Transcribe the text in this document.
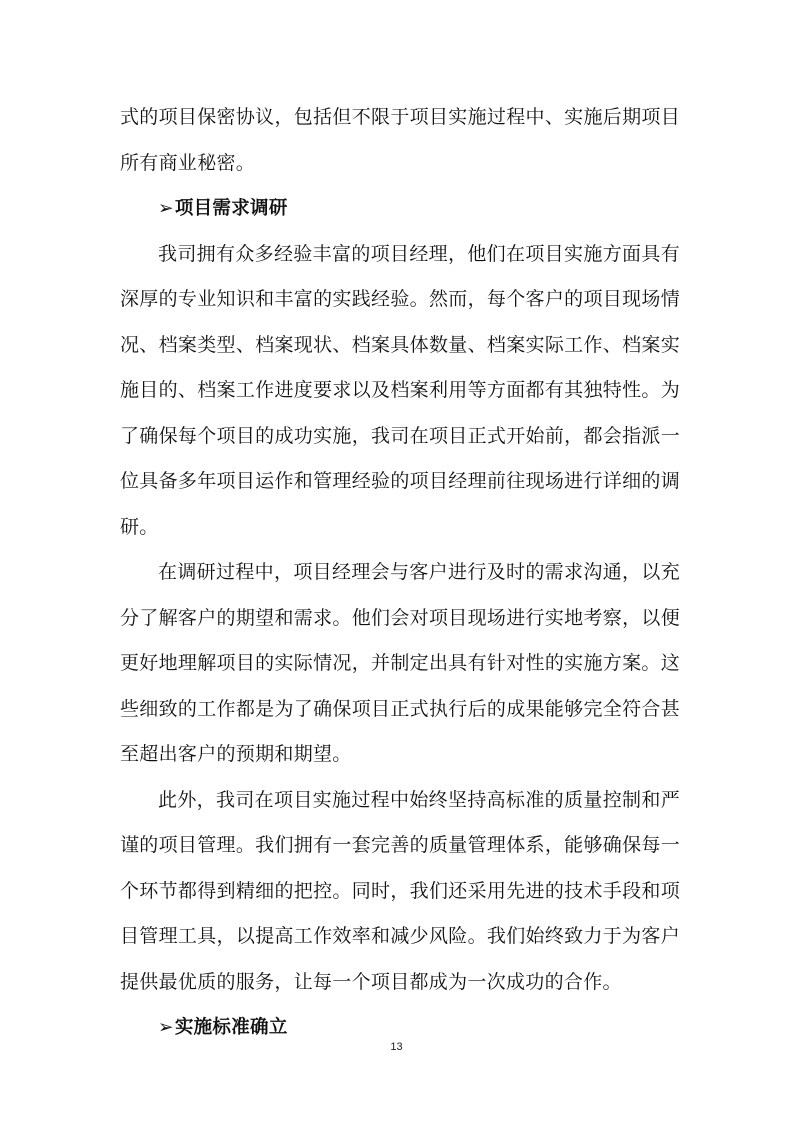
式的项目保密协议，包括但不限于项目实施过程中、实施后期项目所有商业秘密。

➢项目需求调研

我司拥有众多经验丰富的项目经理，他们在项目实施方面具有深厚的专业知识和丰富的实践经验。然而，每个客户的项目现场情况、档案类型、档案现状、档案具体数量、档案实际工作、档案实施目的、档案工作进度要求以及档案利用等方面都有其独特性。为了确保每个项目的成功实施，我司在项目正式开始前，都会指派一位具备多年项目运作和管理经验的项目经理前往现场进行详细的调研。

在调研过程中，项目经理会与客户进行及时的需求沟通，以充分了解客户的期望和需求。他们会对项目现场进行实地考察，以便更好地理解项目的实际情况，并制定出具有针对性的实施方案。这些细致的工作都是为了确保项目正式执行后的成果能够完全符合甚至超出客户的预期和期望。

此外，我司在项目实施过程中始终坚持高标准的质量控制和严谨的项目管理。我们拥有一套完善的质量管理体系，能够确保每一个环节都得到精细的把控。同时，我们还采用先进的技术手段和项目管理工具，以提高工作效率和减少风险。我们始终致力于为客户提供最优质的服务，让每一个项目都成为一次成功的合作。

➢实施标准确立

13
